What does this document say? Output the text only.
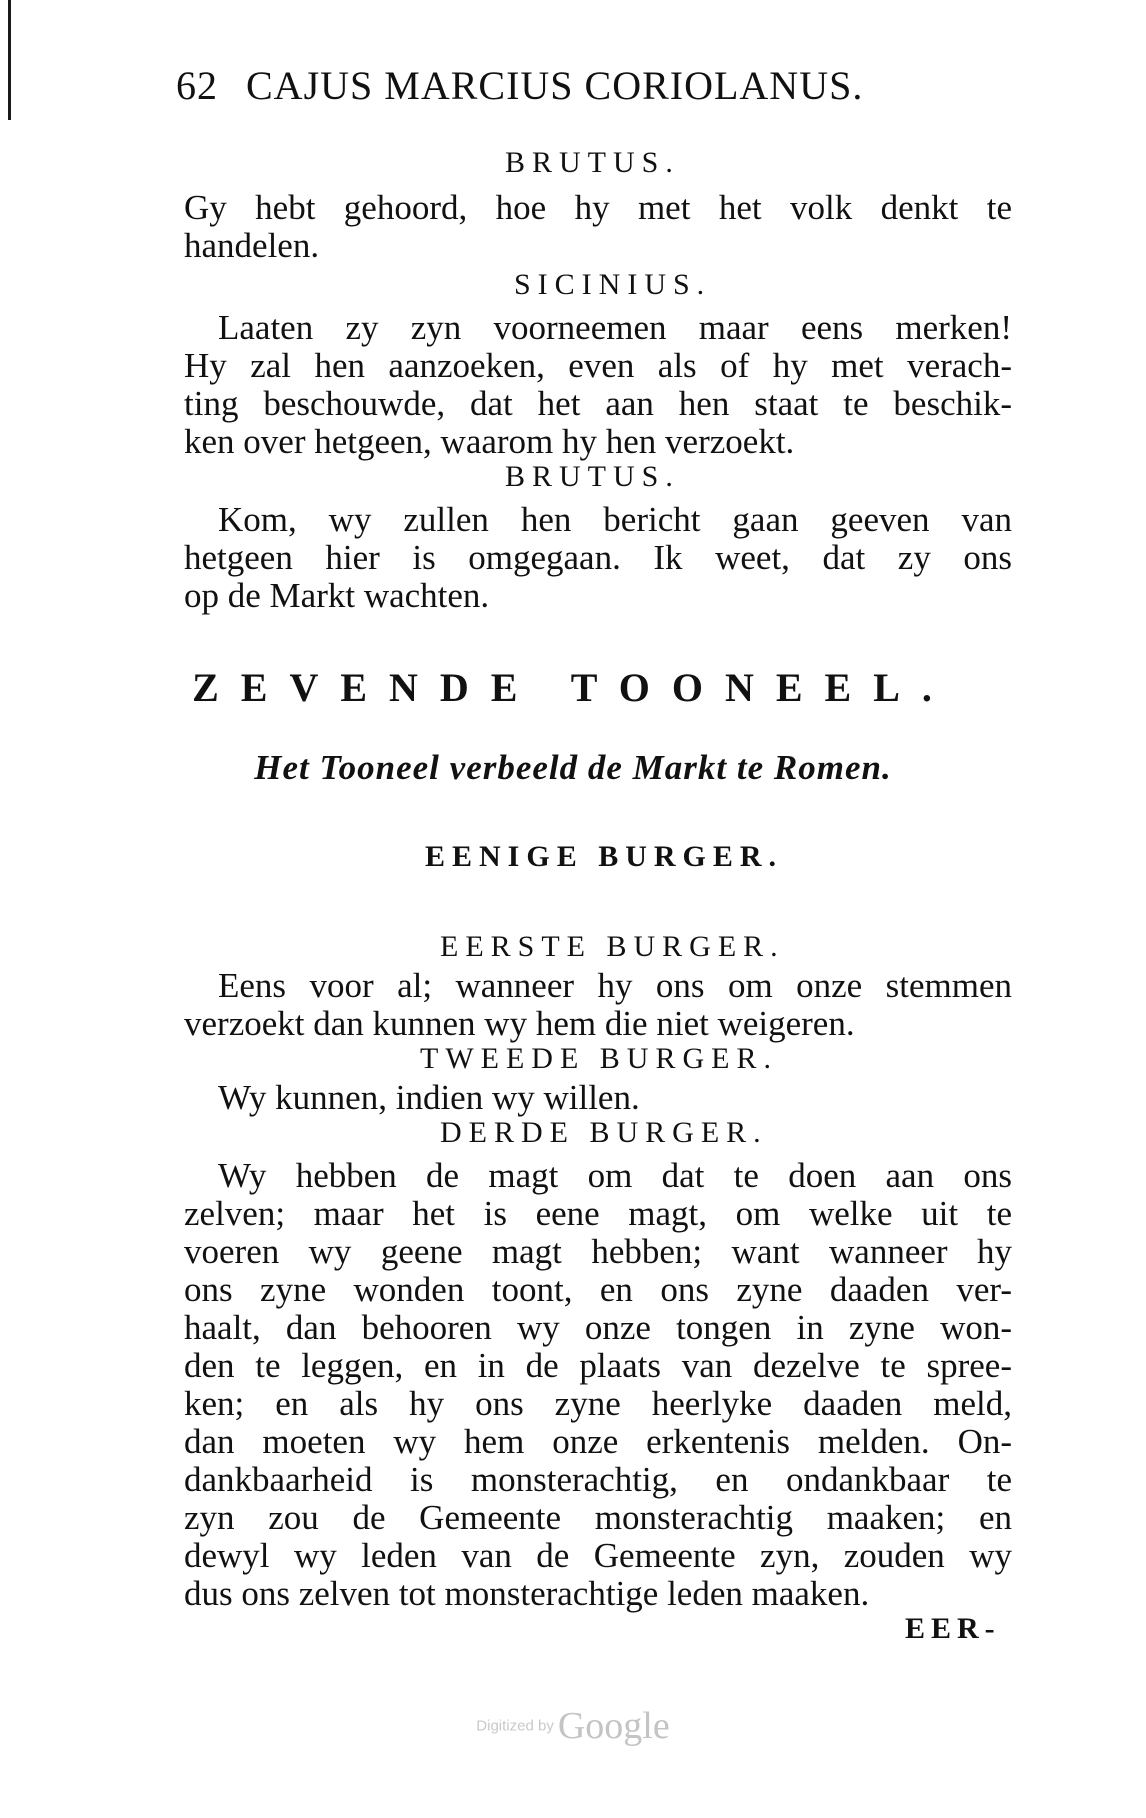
62 CAJUS MARCIUS CORIOLANUS.
BRUTUS.
Gy hebt gehoord, hoe hy met het volk denkt te
handelen.
SICINIUS.
Laaten zy zyn voorneemen maar eens merken!
Hy zal hen aanzoeken, even als of hy met verach-
ting beschouwde, dat het aan hen staat te beschik-
ken over hetgeen, waarom hy hen verzoekt.
BRUTUS.
Kom, wy zullen hen bericht gaan geeven van
hetgeen hier is omgegaan. Ik weet, dat zy ons
op de Markt wachten.
ZEVENDE TOONEEL.
Het Tooneel verbeeld de Markt te Romen.
EENIGE BURGER.
EERSTE BURGER.
Eens voor al; wanneer hy ons om onze stemmen
verzoekt dan kunnen wy hem die niet weigeren.
TWEEDE BURGER.
Wy kunnen, indien wy willen.
DERDE BURGER.
Wy hebben de magt om dat te doen aan ons
zelven; maar het is eene magt, om welke uit te
voeren wy geene magt hebben; want wanneer hy
ons zyne wonden toont, en ons zyne daaden ver-
haalt, dan behooren wy onze tongen in zyne won-
den te leggen, en in de plaats van dezelve te spree-
ken; en als hy ons zyne heerlyke daaden meld,
dan moeten wy hem onze erkentenis melden. On-
dankbaarheid is monsterachtig, en ondankbaar te
zyn zou de Gemeente monsterachtig maaken; en
dewyl wy leden van de Gemeente zyn, zouden wy
dus ons zelven tot monsterachtige leden maaken.
EER-
Digitized by Google
